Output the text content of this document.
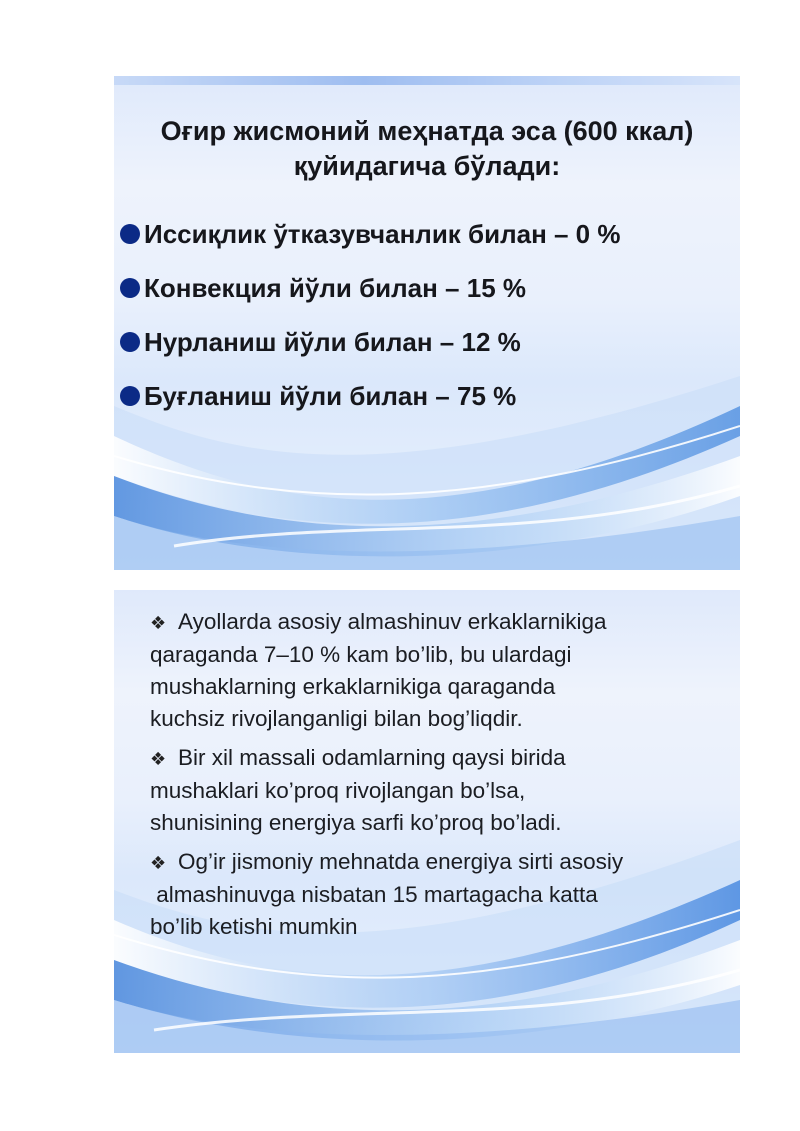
Оғир жисмоний меҳнатда эса (600 ккал)
қуйидагича бўлади:
Иссиқлик ўтказувчанлик билан – 0 %
Конвекция йўли билан – 15 %
Нурланиш йўли билан – 12 %
Буғланиш йўли билан – 75 %
❖ Ayollarda asosiy almashinuv erkaklarnikiga
qaraganda 7–10 % kam bo’lib, bu ulardagi
mushaklarning erkaklarnikiga qaraganda
kuchsiz rivojlanganligi bilan bog’liqdir.
❖ Bir xil massali odamlarning qaysi birida
mushaklari ko’proq rivojlangan bo’lsa,
shunisining energiya sarfi ko’proq bo’ladi.
❖ Og’ir jismoniy mehnatda energiya sirti asosiy
almashinuvga nisbatan 15 martagacha katta
bo’lib ketishi mumkin
